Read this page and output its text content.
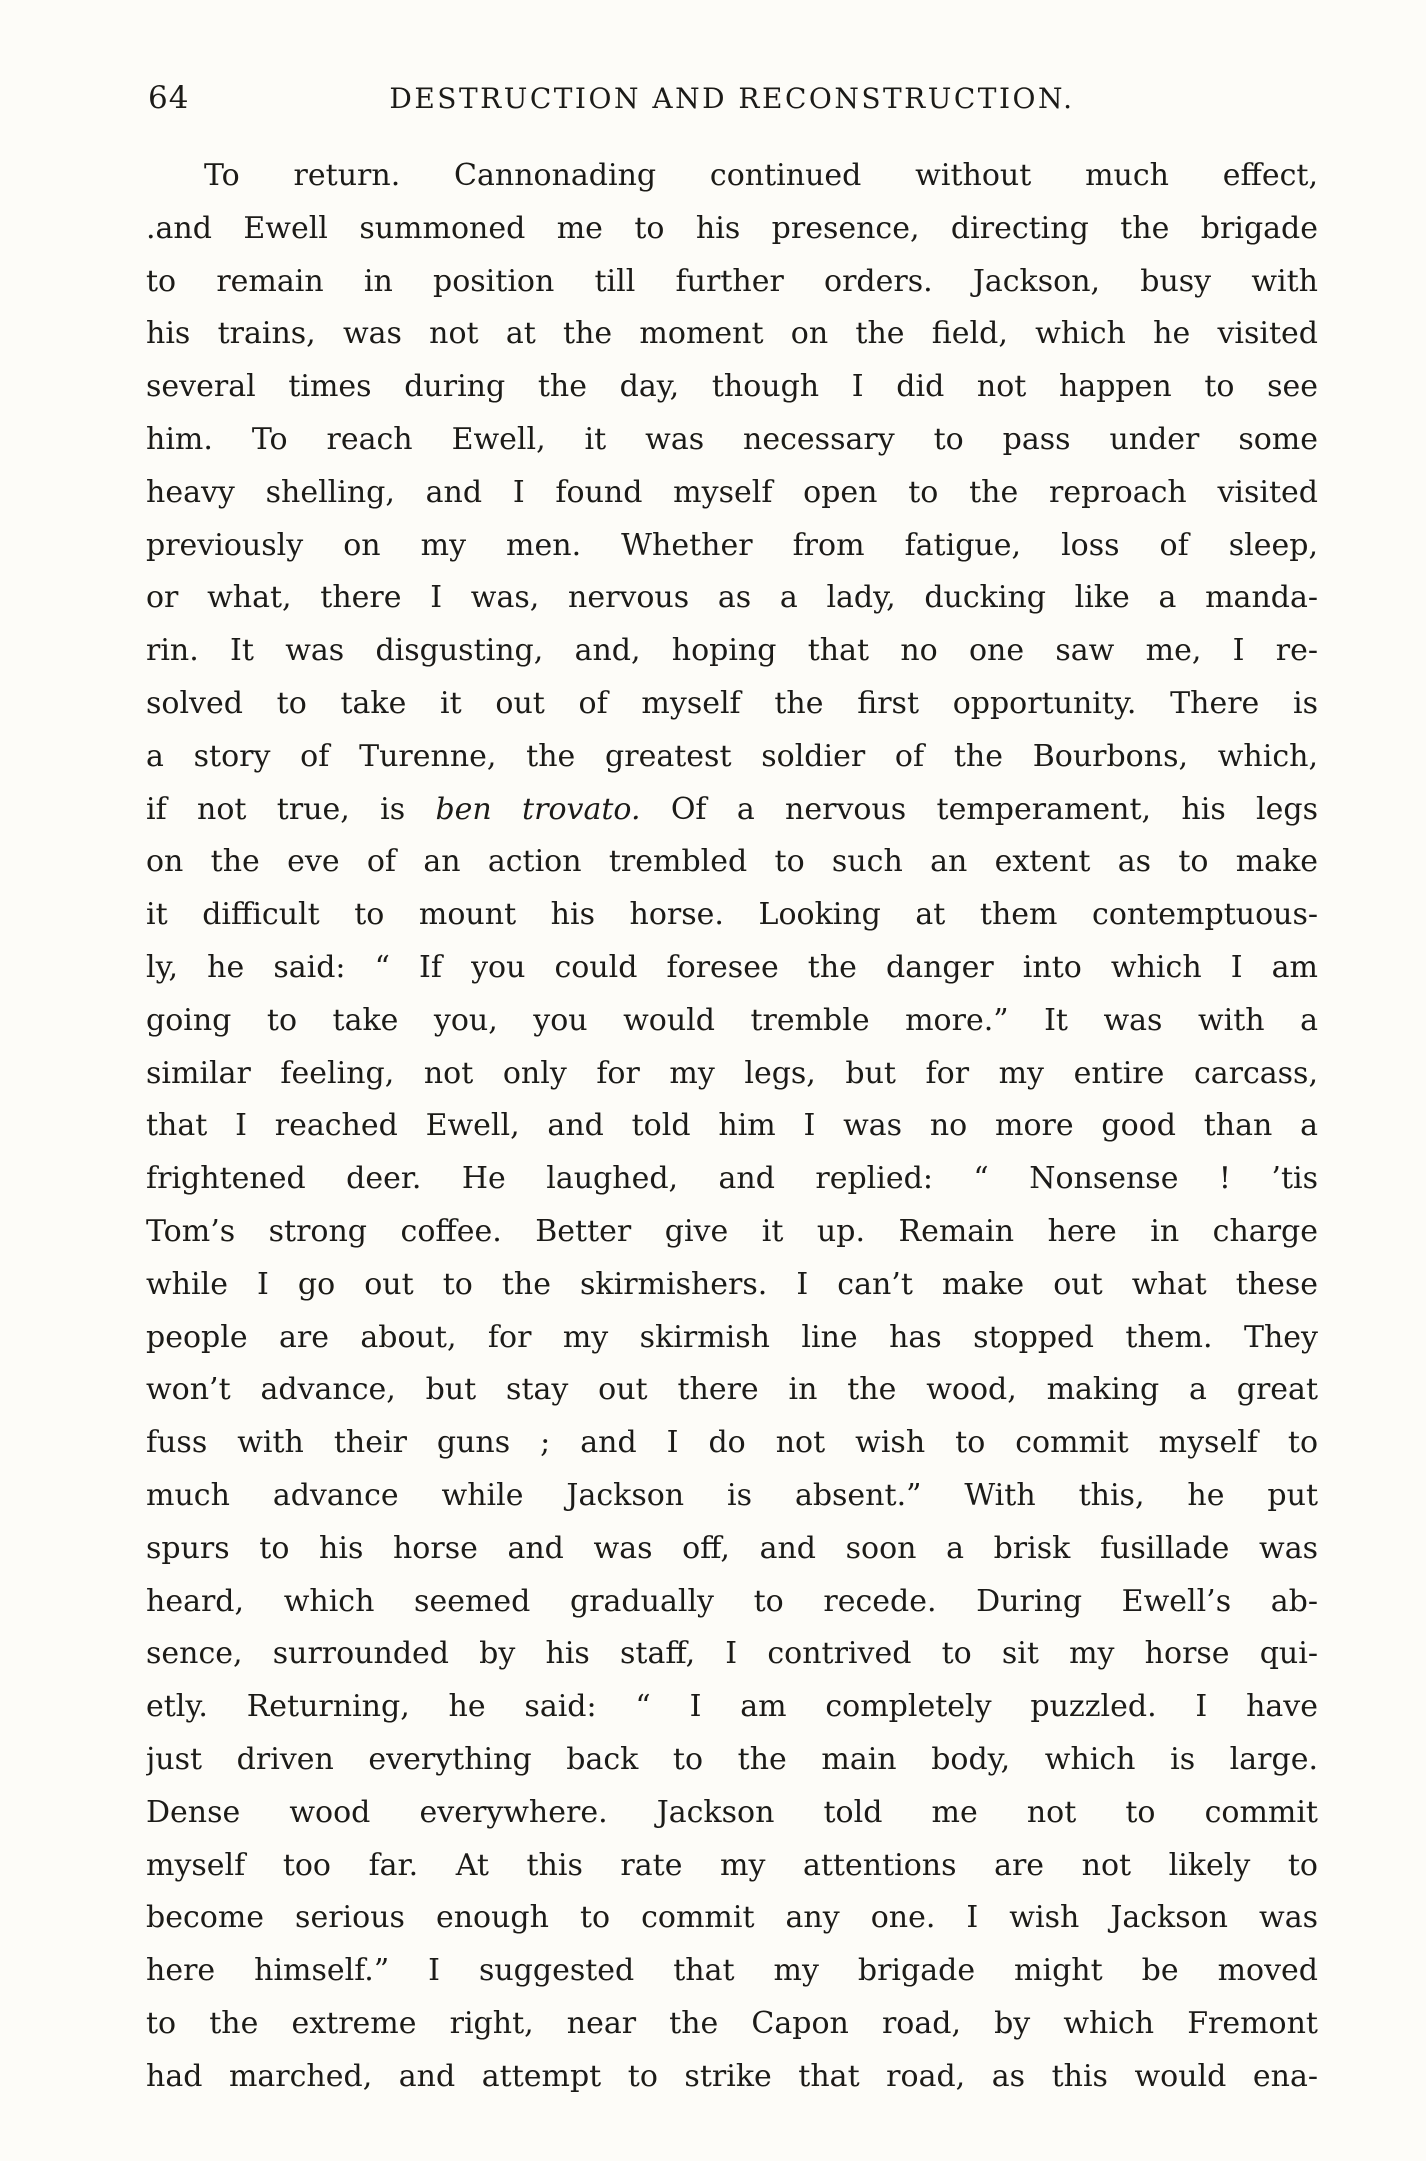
64	DESTRUCTION AND RECONSTRUCTION.
To return. Cannonading continued without much effect,
.and Ewell summoned me to his presence, directing the brigade
to remain in position till further orders. Jackson, busy with
his trains, was not at the moment on the field, which he visited
several times during the day, though I did not happen to see
him. To reach Ewell, it was necessary to pass under some
heavy shelling, and I found myself open to the reproach visited
previously on my men. Whether from fatigue, loss of sleep,
or what, there I was, nervous as a lady, ducking like a manda-
rin. It was disgusting, and, hoping that no one saw me, I re-
solved to take it out of myself the first opportunity. There is
a story of Turenne, the greatest soldier of the Bourbons, which,
if not true, is ben trovato. Of a nervous temperament, his legs
on the eve of an action trembled to such an extent as to make
it difficult to mount his horse. Looking at them contemptuous-
ly, he said: “ If you could foresee the danger into which I am
going to take you, you would tremble more.” It was with a
similar feeling, not only for my legs, but for my entire carcass,
that I reached Ewell, and told him I was no more good than a
frightened deer. He laughed, and replied: “ Nonsense ! ’tis
Tom’s strong coffee. Better give it up. Remain here in charge
while I go out to the skirmishers. I can’t make out what these
people are about, for my skirmish line has stopped them. They
won’t advance, but stay out there in the wood, making a great
fuss with their guns ; and I do not wish to commit myself to
much advance while Jackson is absent.” With this, he put
spurs to his horse and was off, and soon a brisk fusillade was
heard, which seemed gradually to recede. During Ewell’s ab-
sence, surrounded by his staff, I contrived to sit my horse qui-
etly. Returning, he said: “ I am completely puzzled. I have
just driven everything back to the main body, which is large.
Dense wood everywhere. Jackson told me not to commit
myself too far. At this rate my attentions are not likely to
become serious enough to commit any one. I wish Jackson was
here himself.” I suggested that my brigade might be moved
to the extreme right, near the Capon road, by which Fremont
had marched, and attempt to strike that road, as this would ena-
